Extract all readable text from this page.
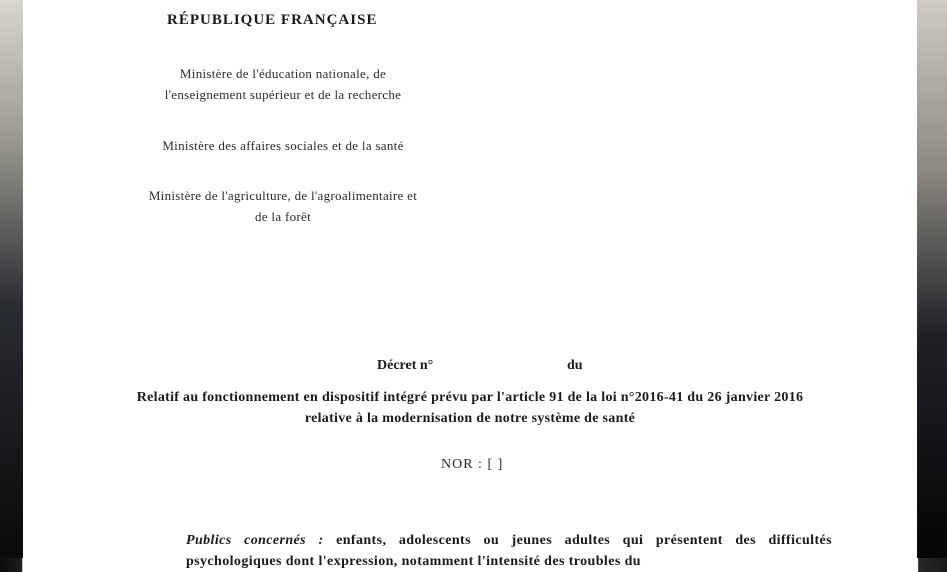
RÉPUBLIQUE FRANÇAISE
Ministère de l'éducation nationale, de l'enseignement supérieur et de la recherche
Ministère des affaires sociales et de la santé
Ministère de l'agriculture, de l'agroalimentaire et de la forêt
Décret n°	du
Relatif au fonctionnement en dispositif intégré prévu par l'article 91 de la loi n°2016-41 du 26 janvier 2016 relative à la modernisation de notre système de santé
NOR : [ ]
Publics concernés : enfants, adolescents ou jeunes adultes qui présentent des difficultés psychologiques dont l'expression, notamment l'intensité des troubles du
